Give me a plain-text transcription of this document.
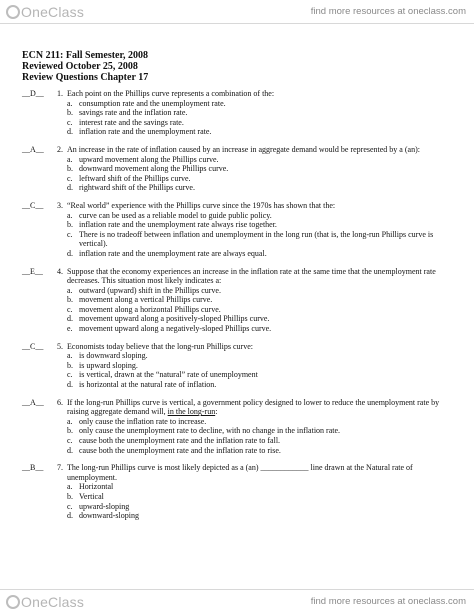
OneClass	find more resources at oneclass.com
ECN 211: Fall Semester, 2008
Reviewed October 25, 2008
Review Questions Chapter 17
__D__	1. Each point on the Phillips curve represents a combination of the:
a. consumption rate and the unemployment rate.
b. savings rate and the inflation rate.
c. interest rate and the savings rate.
d. inflation rate and the unemployment rate.
__A__	2. An increase in the rate of inflation caused by an increase in aggregate demand would be represented by a (an):
a. upward movement along the Phillips curve.
b. downward movement along the Phillips curve.
c. leftward shift of the Phillips curve.
d. rightward shift of the Phillips curve.
__C__	3. “Real world” experience with the Phillips curve since the 1970s has shown that the:
a. curve can be used as a reliable model to guide public policy.
b. inflation rate and the unemployment rate always rise together.
c. There is no tradeoff between inflation and unemployment in the long run (that is, the long-run Phillips curve is vertical).
d. inflation rate and the unemployment rate are always equal.
__E__	4. Suppose that the economy experiences an increase in the inflation rate at the same time that the unemployment rate decreases. This situation most likely indicates a:
a. outward (upward) shift in the Phillips curve.
b. movement along a vertical Phillips curve.
c. movement along a horizontal Phillips curve.
d. movement upward along a positively-sloped Phillips curve.
e. movement upward along a negatively-sloped Phillips curve.
__C__	5. Economists today believe that the long-run Phillips curve:
a. is downward sloping.
b. is upward sloping.
c. is vertical, drawn at the “natural” rate of unemployment
d. is horizontal at the natural rate of inflation.
__A__	6. If the long-run Phillips curve is vertical, a government policy designed to lower to reduce the unemployment rate by raising aggregate demand will, in the long-run:
a. only cause the inflation rate to increase.
b. only cause the unemployment rate to decline, with no change in the inflation rate.
c. cause both the unemployment rate and the inflation rate to fall.
d. cause both the unemployment rate and the inflation rate to rise.
__B__	7. The long-run Phillips curve is most likely depicted as a (an) ____________ line drawn at the Natural rate of unemployment.
a. Horizontal
b. Vertical
c. upward-sloping
d. downward-sloping
OneClass	find more resources at oneclass.com
